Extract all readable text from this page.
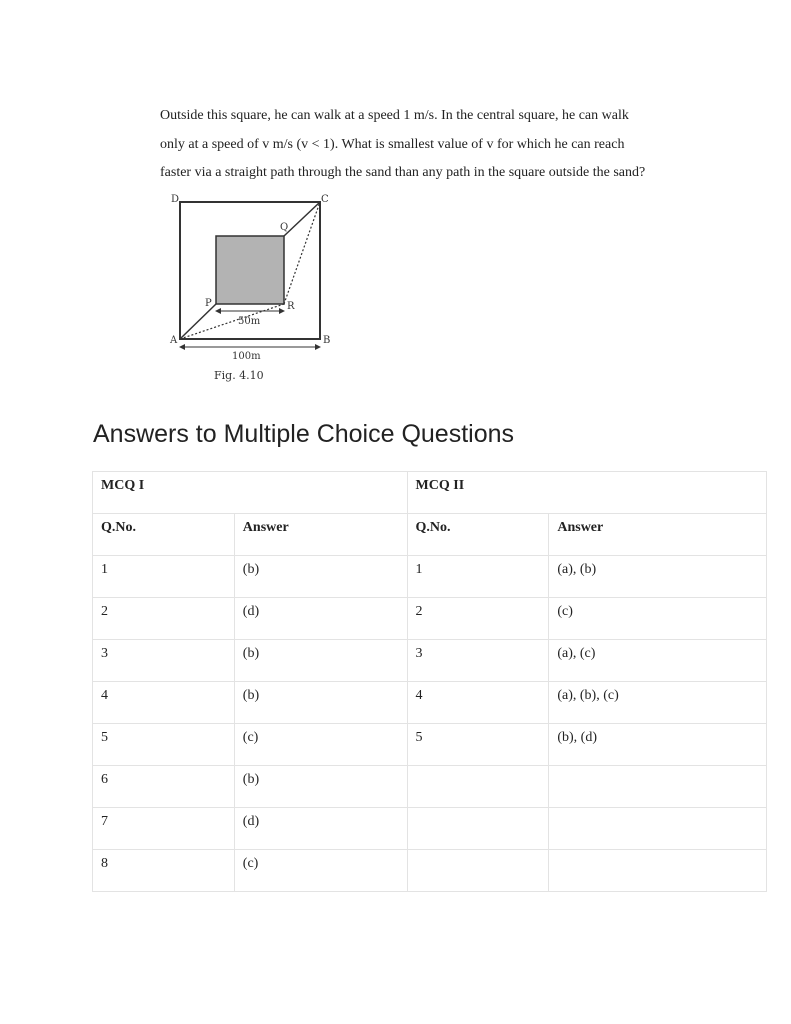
Outside this square, he can walk at a speed 1 m/s. In the central square, he can walk
only at a speed of v m/s (v < 1). What is smallest value of v for which he can reach
faster via a straight path through the sand than any path in the square outside the sand?

D	C
Q
P	R
A	B
50m
100m
Fig. 4.10
Answers to Multiple Choice Questions
MCQ I		MCQ II	
Q.No.	Answer	Q.No.	Answer
1	(b)	1	(a), (b)
2	(d)	2	(c)
3	(b)	3	(a), (c)
4	(b)	4	(a), (b), (c)
5	(c)	5	(b), (d)
6	(b)		
7	(d)		
8	(c)		
